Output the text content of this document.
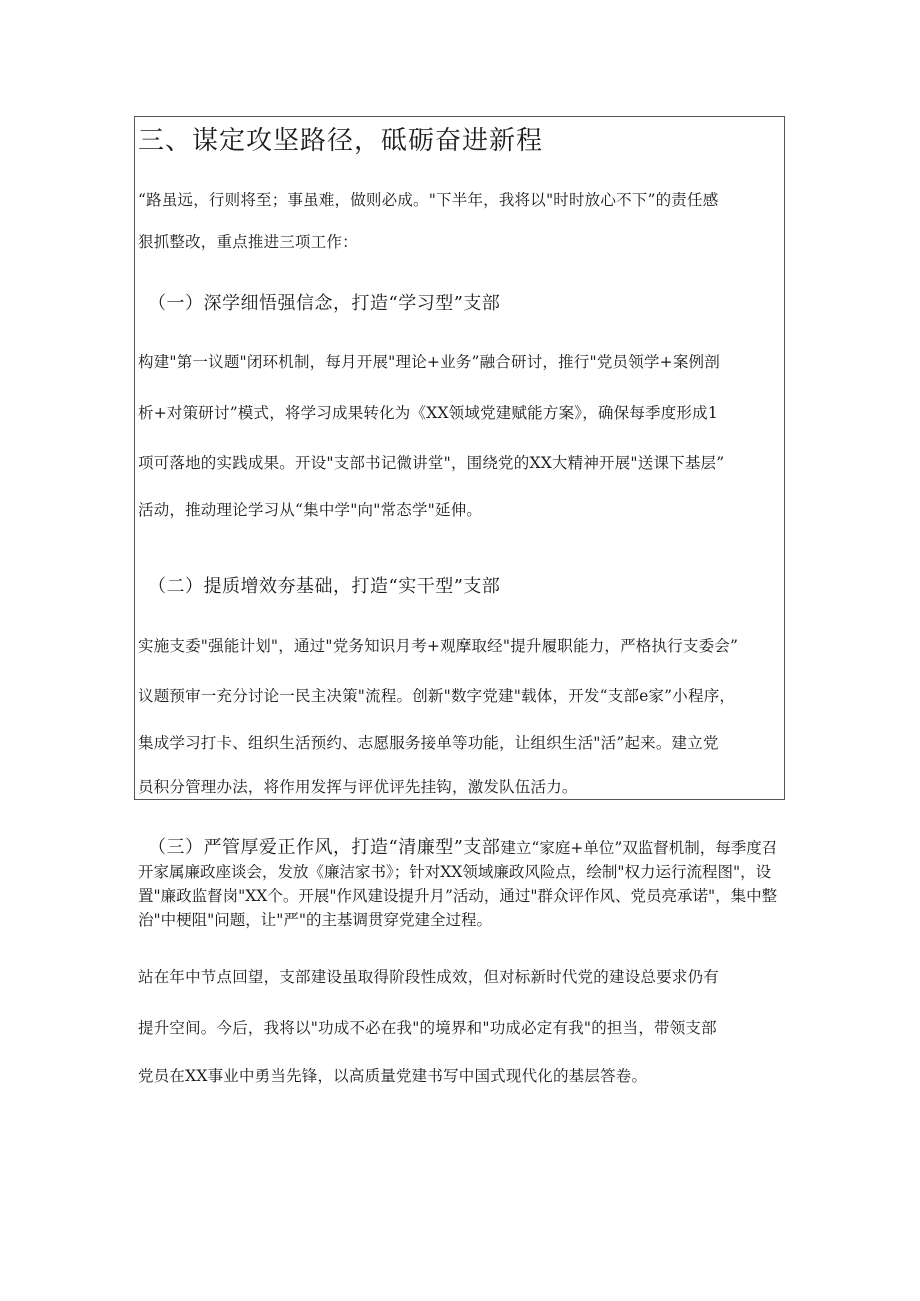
三、谋定攻坚路径，砥砺奋进新程
“路虽远，行则将至；事虽难，做则必成。"下半年，我将以"时时放心不下”的责任感
狠抓整改，重点推进三项工作：
（一）深学细悟强信念，打造“学习型”支部
构建"第一议题"闭环机制，每月开展"理论+业务”融合研讨，推行"党员领学+案例剖
析+对策研讨”模式，将学习成果转化为《XX领域党建赋能方案》，确保每季度形成1
项可落地的实践成果。开设"支部书记微讲堂"，围绕党的XX大精神开展"送课下基层”
活动，推动理论学习从“集中学"向"常态学"延伸。
（二）提质增效夯基础，打造“实干型”支部
实施支委"强能计划"，通过"党务知识月考+观摩取经"提升履职能力，严格执行支委会”
议题预审一充分讨论一民主决策"流程。创新"数字党建"载体，开发“支部e家”小程序，
集成学习打卡、组织生活预约、志愿服务接单等功能，让组织生活"活”起来。建立党
员积分管理办法，将作用发挥与评优评先挂钩，激发队伍活力。
（三）严管厚爱正作风，打造“清廉型”支部建立“家庭+单位”双监督机制，每季度召开家属廉政座谈会，发放《廉洁家书》；针对XX领域廉政风险点，绘制"权力运行流程图"，设置"廉政监督岗"XX个。开展"作风建设提升月”活动，通过"群众评作风、党员亮承诺"，集中整治"中梗阻"问题，让"严"的主基调贯穿党建全过程。
站在年中节点回望，支部建设虽取得阶段性成效，但对标新时代党的建设总要求仍有
提升空间。今后，我将以"功成不必在我"的境界和"功成必定有我"的担当，带领支部
党员在XX事业中勇当先锋，以高质量党建书写中国式现代化的基层答卷。
